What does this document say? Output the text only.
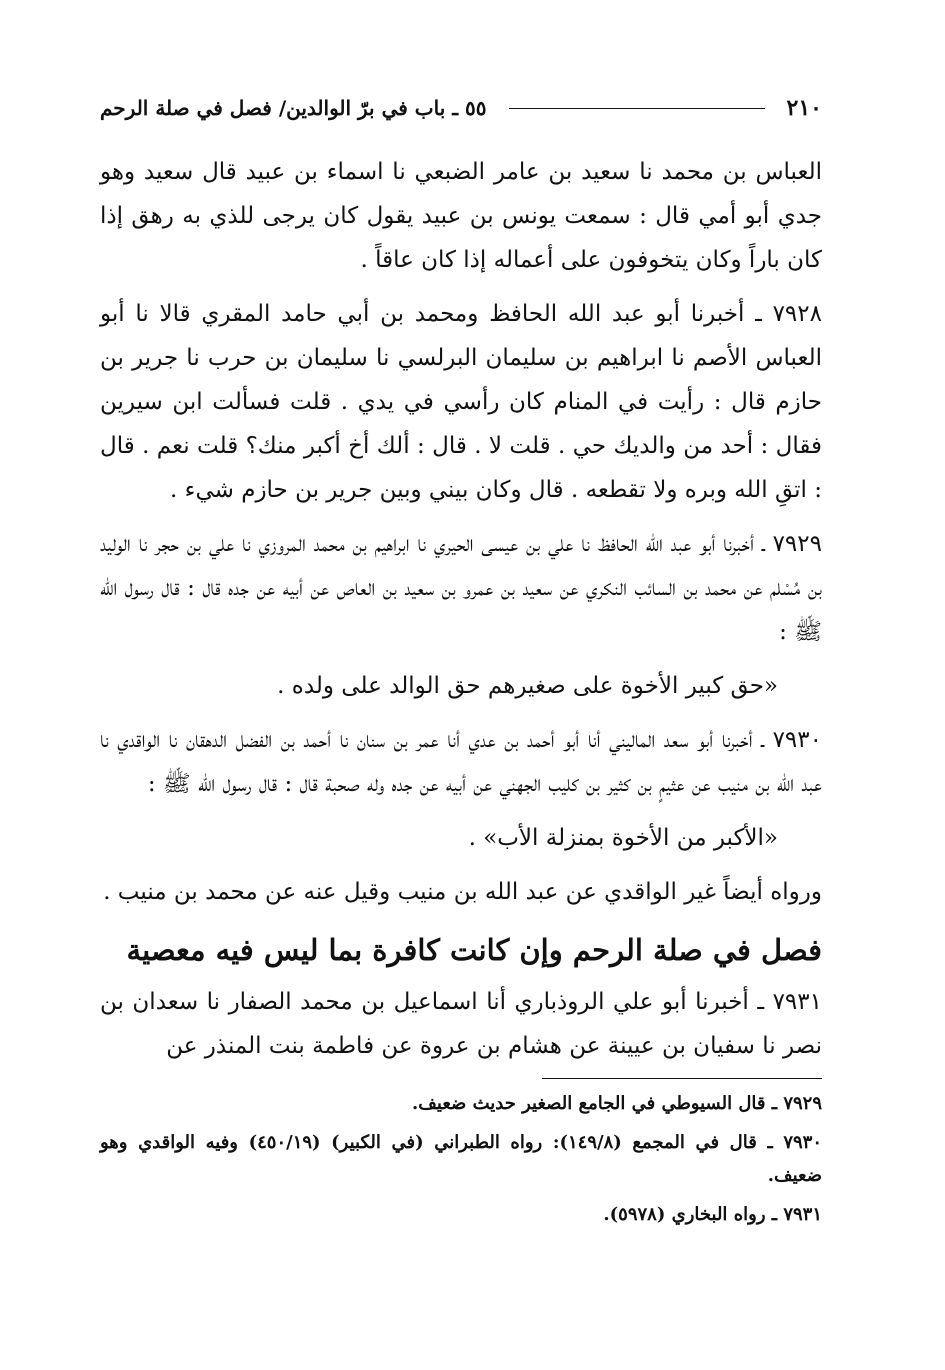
٢١٠
٥٥ ـ باب في برّ الوالدين/ فصل في صلة الرحم

العباس بن محمد نا سعيد بن عامر الضبعي نا اسماء بن عبيد قال سعيد وهو جدي أبو أمي قال : سمعت يونس بن عبيد يقول كان يرجى للذي به رهق إذا كان باراً وكان يتخوفون على أعماله إذا كان عاقاً .

٧٩٢٨ ـ أخبرنا أبو عبد الله الحافظ ومحمد بن أبي حامد المقري قالا نا أبو العباس الأصم نا ابراهيم بن سليمان البرلسي نا سليمان بن حرب نا جرير بن حازم قال : رأيت في المنام كان رأسي في يدي . قلت فسألت ابن سيرين فقال : أحد من والديك حي . قلت لا . قال : ألك أخ أكبر منك؟ قلت نعم . قال : اتقِ الله وبره ولا تقطعه . قال وكان بيني وبين جرير بن حازم شيء .

٧٩٢٩ ـ أخبرنا أبو عبد الله الحافظ نا علي بن عيسى الحيري نا ابراهيم بن محمد المروزي نا علي بن حجر نا الوليد بن مُسْلم عن محمد بن السائب النكري عن سعيد بن عمرو بن سعيد بن العاص عن أبيه عن جده قال : قال رسول الله ﷺ :

«حق كبير الأخوة على صغيرهم حق الوالد على ولده .

٧٩٣٠ ـ أخبرنا أبو سعد الماليني أنا أبو أحمد بن عدي أنا عمر بن سنان نا أحمد بن الفضل الدهقان نا الواقدي نا عبد الله بن منيب عن عثيمٍ بن كثير بن كليب الجهني عن أبيه عن جده وله صحبة قال : قال رسول الله ﷺ :

«الأكبر من الأخوة بمنزلة الأب» .

ورواه أيضاً غير الواقدي عن عبد الله بن منيب وقيل عنه عن محمد بن منيب .

فصل في صلة الرحم وإن كانت كافرة بما ليس فيه معصية

٧٩٣١ ـ أخبرنا أبو علي الروذباري أنا اسماعيل بن محمد الصفار نا سعدان بن نصر نا سفيان بن عيينة عن هشام بن عروة عن فاطمة بنت المنذر عن

٧٩٢٩ ـ قال السيوطي في الجامع الصغير حديث ضعيف.

٧٩٣٠ ـ قال في المجمع (١٤٩/٨): رواه الطبراني (في الكبير) (٤٥٠/١٩) وفيه الواقدي وهو ضعيف.

٧٩٣١ ـ رواه البخاري (٥٩٧٨).
